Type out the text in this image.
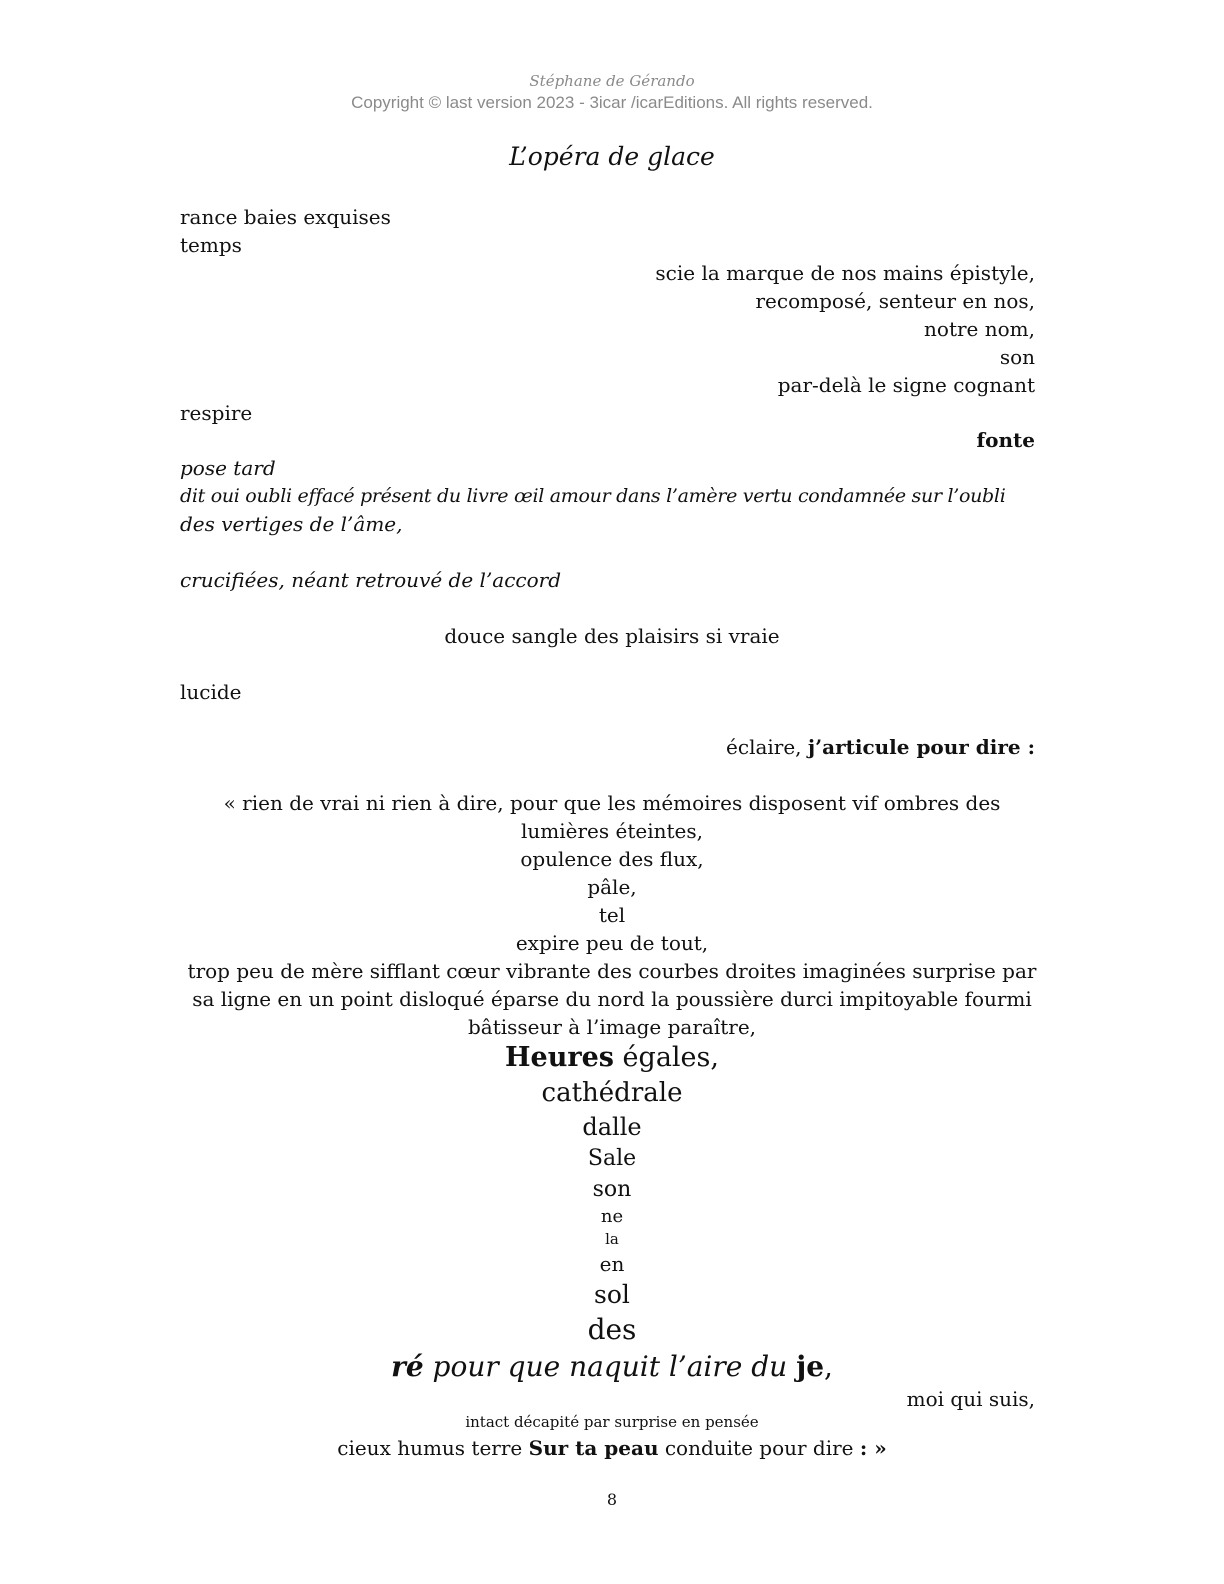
Stéphane de Gérando
Copyright © last version 2023 - 3icar /icarEditions. All rights reserved.
L’opéra de glace
rance baies exquises
temps
scie la marque de nos mains épistyle,
recomposé, senteur en nos,
notre nom,
son
par-delà le signe cognant
respire
fonte
pose tard
dit oui oubli effacé présent du livre œil amour dans l’amère vertu condamnée sur l’oubli
des vertiges de l’âme,
crucifiées, néant retrouvé de l’accord
douce sangle des plaisirs si vraie
lucide
éclaire, j’articule pour dire :
« rien de vrai ni rien à dire, pour que les mémoires disposent vif ombres des
lumières éteintes,
opulence des flux,
pâle,
tel
expire peu de tout,
trop peu de mère sifflant cœur vibrante des courbes droites imaginées surprise par
sa ligne en un point disloqué éparse du nord la poussière durci impitoyable fourmi
bâtisseur à l’image paraître,
Heures égales,
cathédrale
dalle
Sale
son
ne
la
en
sol
des
ré pour que naquit l’aire du je,
moi qui suis,
intact décapité par surprise en pensée
cieux humus terre Sur ta peau conduite pour dire : »
8
